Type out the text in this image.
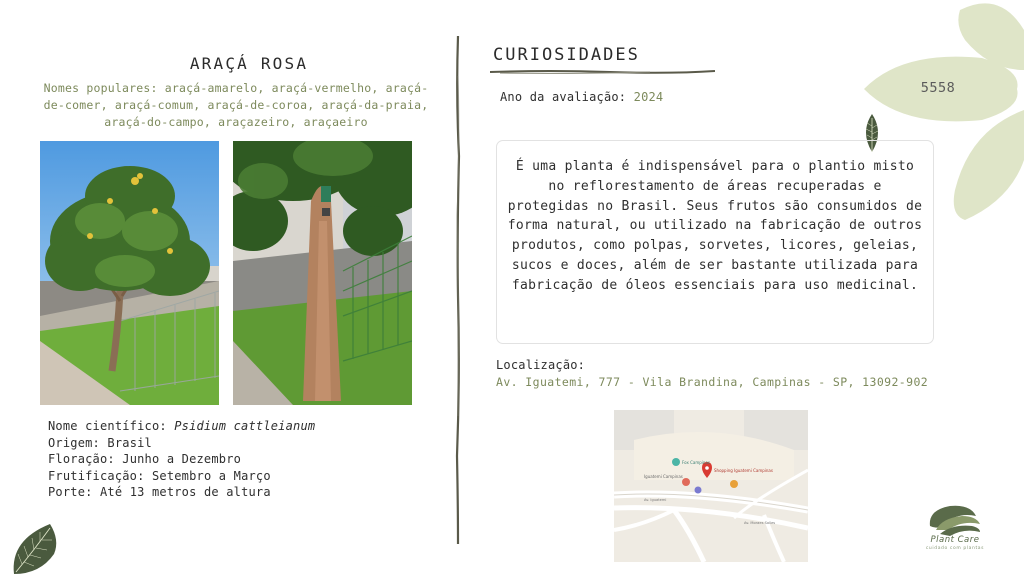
ARAÇÁ ROSA
Nomes populares: araçá-amarelo, araçá-vermelho, araçá-de-comer, araçá-comum, araçá-de-coroa, araçá-da-praia, araçá-do-campo, araçazeiro, araçaeiro
Nome científico: Psidium cattleianum
Origem: Brasil
Floração: Junho a Dezembro
Frutificação: Setembro a Março
Porte: Até 13 metros de altura
CURIOSIDADES
Ano da avaliação: 2024
5558
É uma planta é indispensável para o plantio misto no reflorestamento de áreas recuperadas e protegidas no Brasil. Seus frutos são consumidos de forma natural, ou utilizado na fabricação de outros produtos, como polpas, sorvetes, licores, geleias, sucos e doces, além de ser bastante utilizada para fabricação de óleos essenciais para uso medicinal.
Localização:
Av. Iguatemi, 777 - Vila Brandina, Campinas - SP, 13092-902
Fox Campinas
Shopping Iguatemi Campinas
Iguatemi Campinas
Av. Iguatemi
Av. Moraes Salles
Plant Care
cuidado com plantas
